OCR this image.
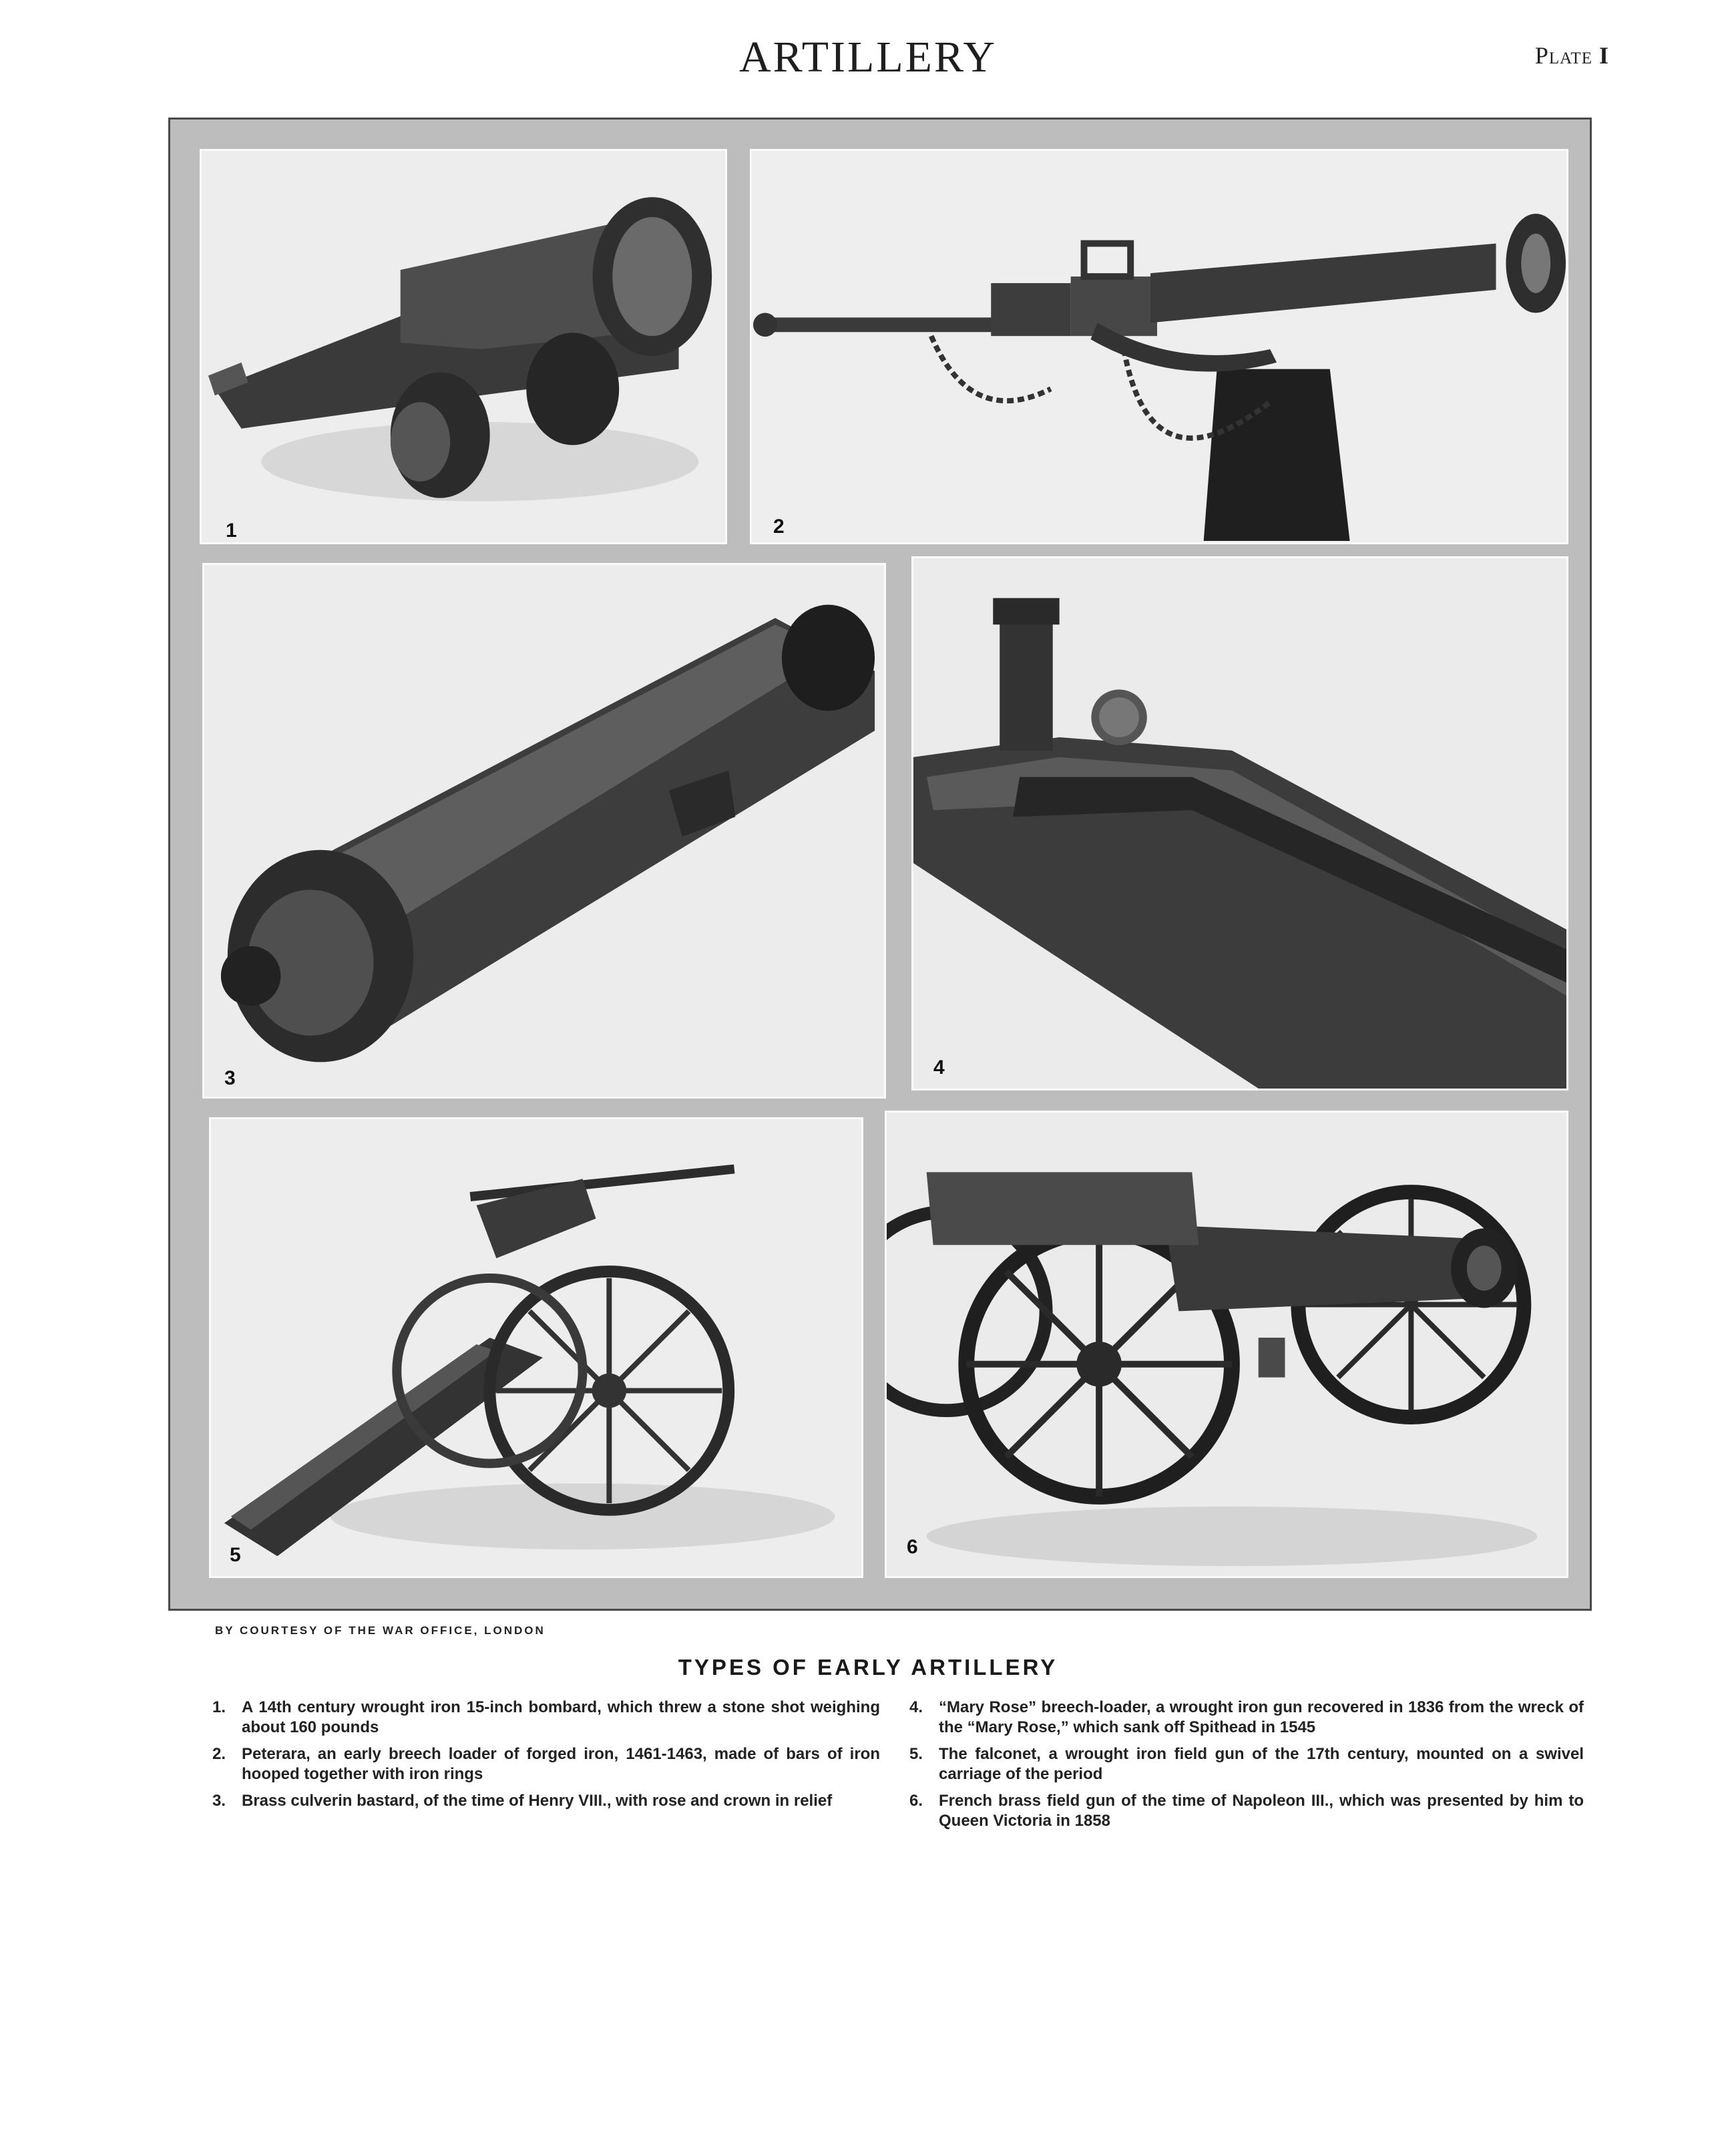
ARTILLERY	Plate I
1	2
3	4
5	6
BY COURTESY OF THE WAR OFFICE, LONDON
TYPES OF EARLY ARTILLERY
1. A 14th century wrought iron 15-inch bombard, which threw a stone shot weighing about 160 pounds
2. Peterara, an early breech loader of forged iron, 1461-1463, made of bars of iron hooped together with iron rings
3. Brass culverin bastard, of the time of Henry VIII., with rose and crown in relief
4. “Mary Rose” breech-loader, a wrought iron gun recovered in 1836 from the wreck of the “Mary Rose,” which sank off Spithead in 1545
5. The falconet, a wrought iron field gun of the 17th century, mounted on a swivel carriage of the period
6. French brass field gun of the time of Napoleon III., which was presented by him to Queen Victoria in 1858
